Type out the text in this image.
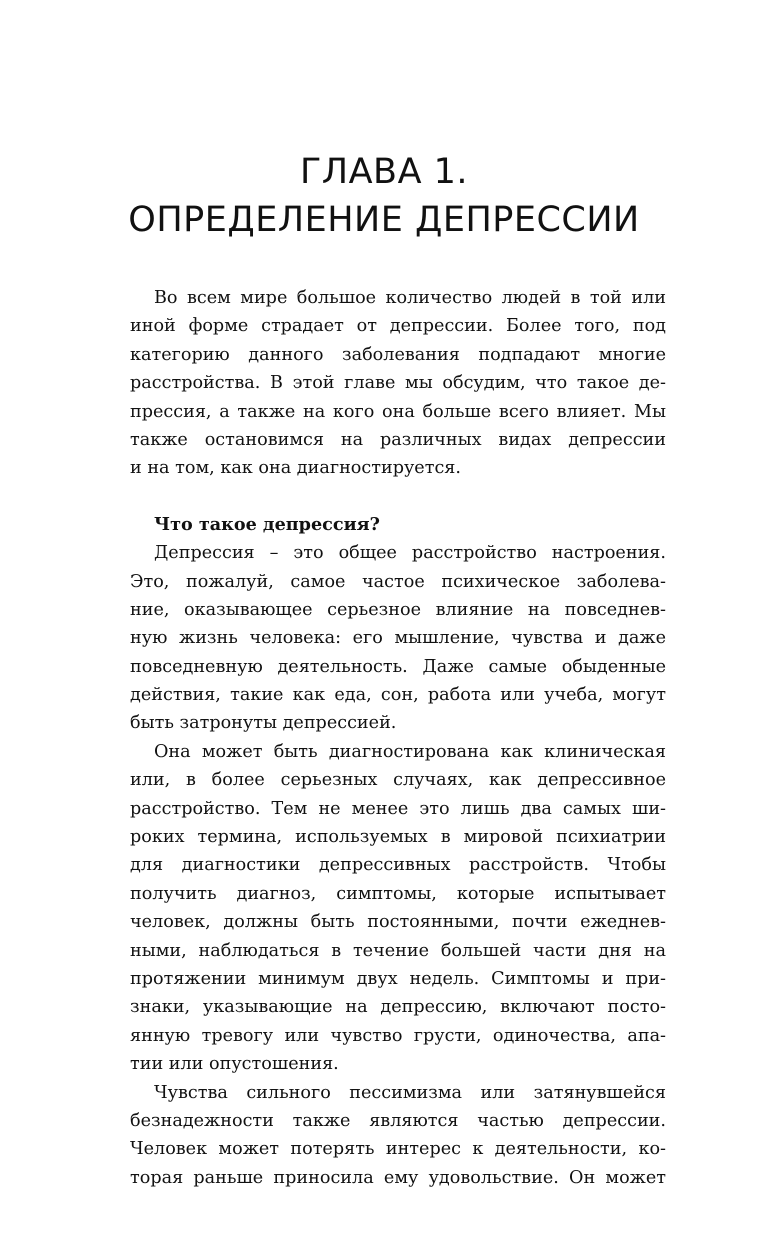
ГЛАВА 1.
ОПРЕДЕЛЕНИЕ ДЕПРЕССИИ
Во всем мире большое количество людей в той или
иной форме страдает от депрессии. Более того, под
категорию данного заболевания подпадают многие
расстройства. В этой главе мы обсудим, что такое де-
прессия, а также на кого она больше всего влияет. Мы
также остановимся на различных видах депрессии
и на том, как она диагностируется.
Что такое депрессия?
Депрессия – это общее расстройство настроения.
Это, пожалуй, самое частое психическое заболева-
ние, оказывающее серьезное влияние на повседнев-
ную жизнь человека: его мышление, чувства и даже
повседневную деятельность. Даже самые обыденные
действия, такие как еда, сон, работа или учеба, могут
быть затронуты депрессией.
Она может быть диагностирована как клиническая
или, в более серьезных случаях, как депрессивное
расстройство. Тем не менее это лишь два самых ши-
роких термина, используемых в мировой психиатрии
для диагностики депрессивных расстройств. Чтобы
получить диагноз, симптомы, которые испытывает
человек, должны быть постоянными, почти ежеднев-
ными, наблюдаться в течение большей части дня на
протяжении минимум двух недель. Симптомы и при-
знаки, указывающие на депрессию, включают посто-
янную тревогу или чувство грусти, одиночества, апа-
тии или опустошения.
Чувства сильного пессимизма или затянувшейся
безнадежности также являются частью депрессии.
Человек может потерять интерес к деятельности, ко-
торая раньше приносила ему удовольствие. Он может
